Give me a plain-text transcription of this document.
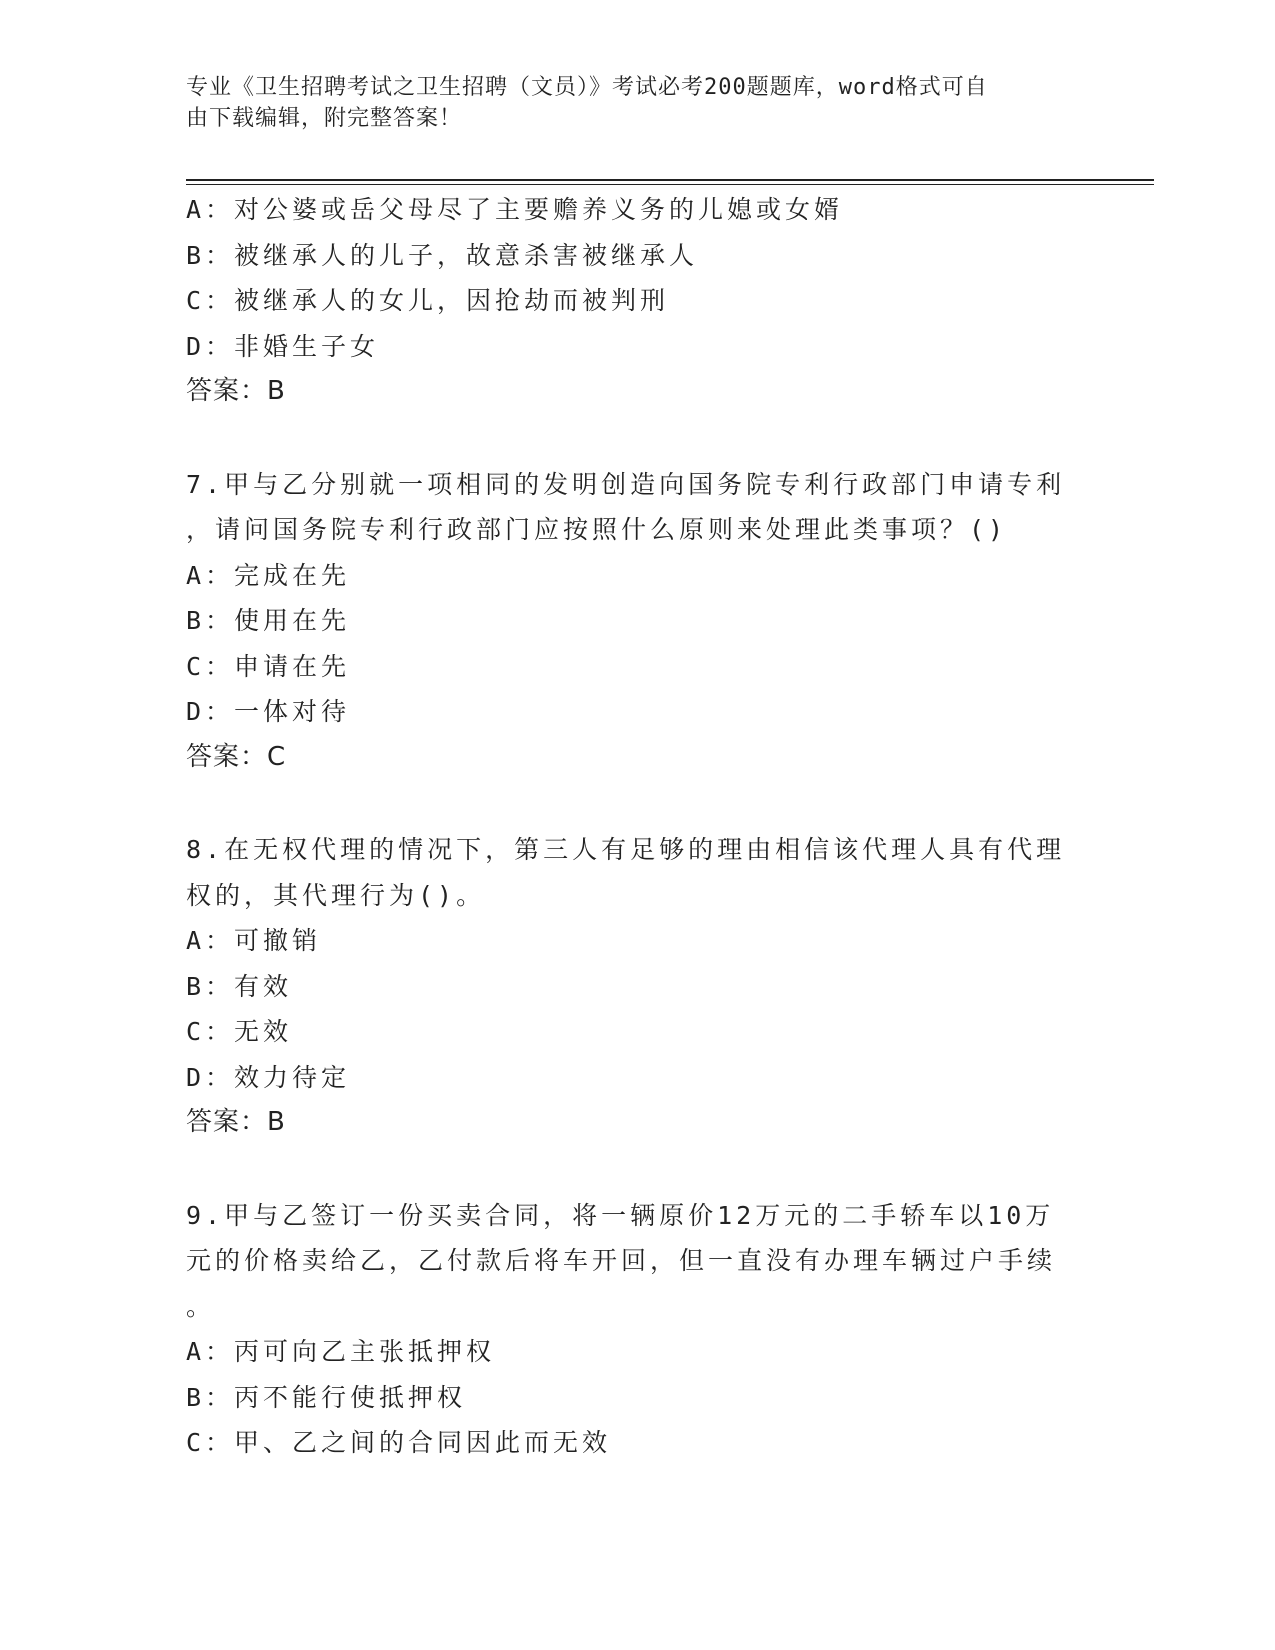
专业《卫生招聘考试之卫生招聘（文员）》考试必考200题题库，word格式可自
由下载编辑，附完整答案！
A：对公婆或岳父母尽了主要赡养义务的儿媳或女婿
B：被继承人的儿子，故意杀害被继承人
C：被继承人的女儿，因抢劫而被判刑
D：非婚生子女
答案：B
7.甲与乙分别就一项相同的发明创造向国务院专利行政部门申请专利
，请问国务院专利行政部门应按照什么原则来处理此类事项？()
A：完成在先
B：使用在先
C：申请在先
D：一体对待
答案：C
8.在无权代理的情况下，第三人有足够的理由相信该代理人具有代理
权的，其代理行为()。
A：可撤销
B：有效
C：无效
D：效力待定
答案：B
9.甲与乙签订一份买卖合同，将一辆原价12万元的二手轿车以10万
元的价格卖给乙，乙付款后将车开回，但一直没有办理车辆过户手续
。
A：丙可向乙主张抵押权
B：丙不能行使抵押权
C：甲、乙之间的合同因此而无效
